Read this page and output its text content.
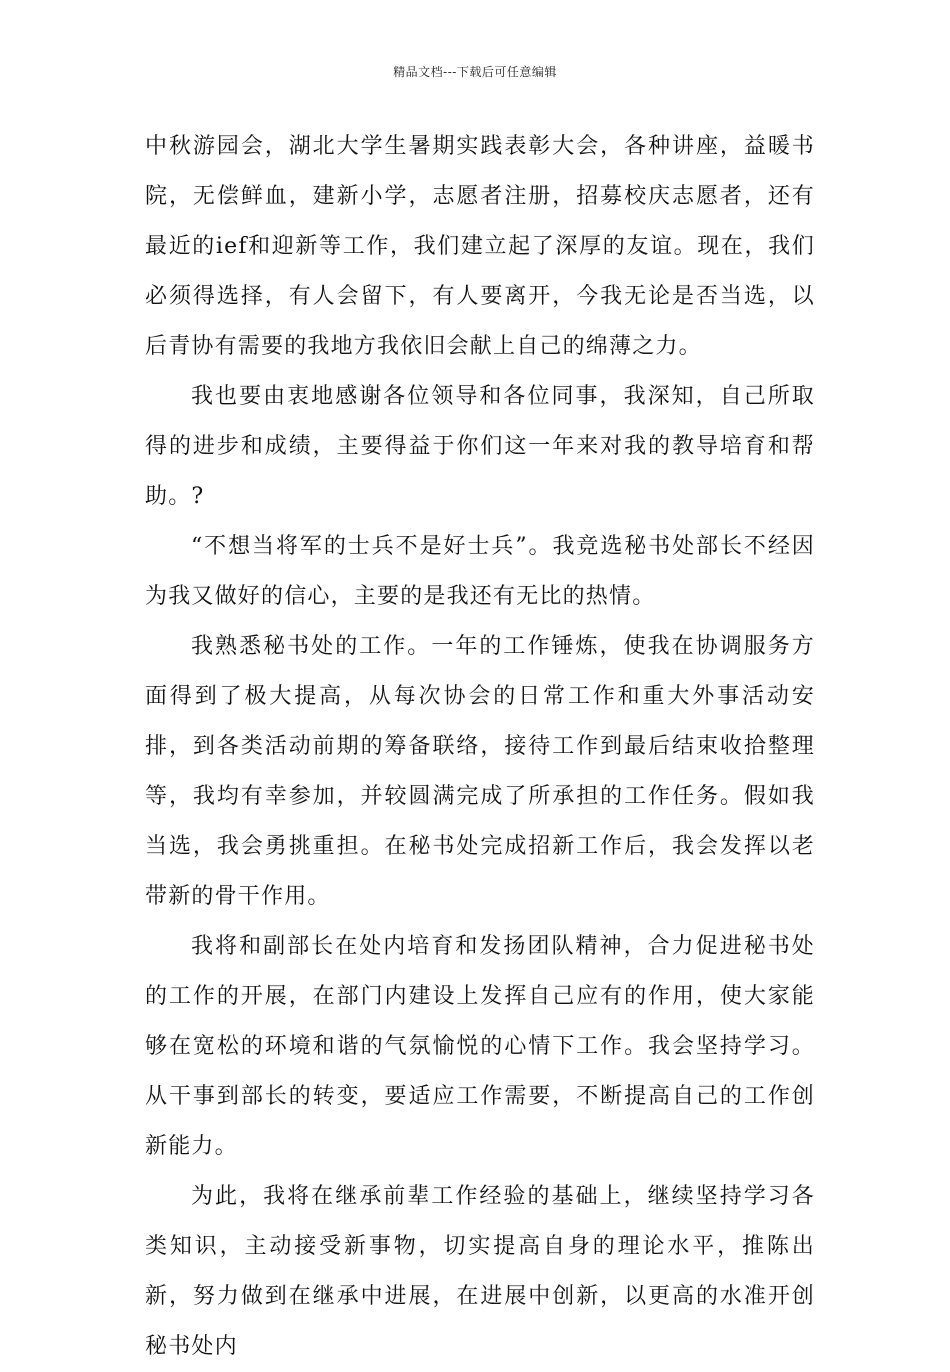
精品文档---下载后可任意编辑

中秋游园会，湖北大学生暑期实践表彰大会，各种讲座，益暖书院，无偿鲜血，建新小学，志愿者注册，招募校庆志愿者，还有最近的ief和迎新等工作，我们建立起了深厚的友谊。现在，我们必须得选择，有人会留下，有人要离开，今我无论是否当选，以后青协有需要的我地方我依旧会献上自己的绵薄之力。

我也要由衷地感谢各位领导和各位同事，我深知，自己所取得的进步和成绩，主要得益于你们这一年来对我的教导培育和帮助。?

“不想当将军的士兵不是好士兵”。我竞选秘书处部长不经因为我又做好的信心，主要的是我还有无比的热情。

我熟悉秘书处的工作。一年的工作锤炼，使我在协调服务方面得到了极大提高，从每次协会的日常工作和重大外事活动安排，到各类活动前期的筹备联络，接待工作到最后结束收拾整理等，我均有幸参加，并较圆满完成了所承担的工作任务。假如我当选，我会勇挑重担。在秘书处完成招新工作后，我会发挥以老带新的骨干作用。

我将和副部长在处内培育和发扬团队精神，合力促进秘书处的工作的开展，在部门内建设上发挥自己应有的作用，使大家能够在宽松的环境和谐的气氛愉悦的心情下工作。我会坚持学习。从干事到部长的转变，要适应工作需要，不断提高自己的工作创新能力。

为此，我将在继承前辈工作经验的基础上，继续坚持学习各类知识，主动接受新事物，切实提高自身的理论水平，推陈出新，努力做到在继承中进展，在进展中创新，以更高的水准开创秘书处内
